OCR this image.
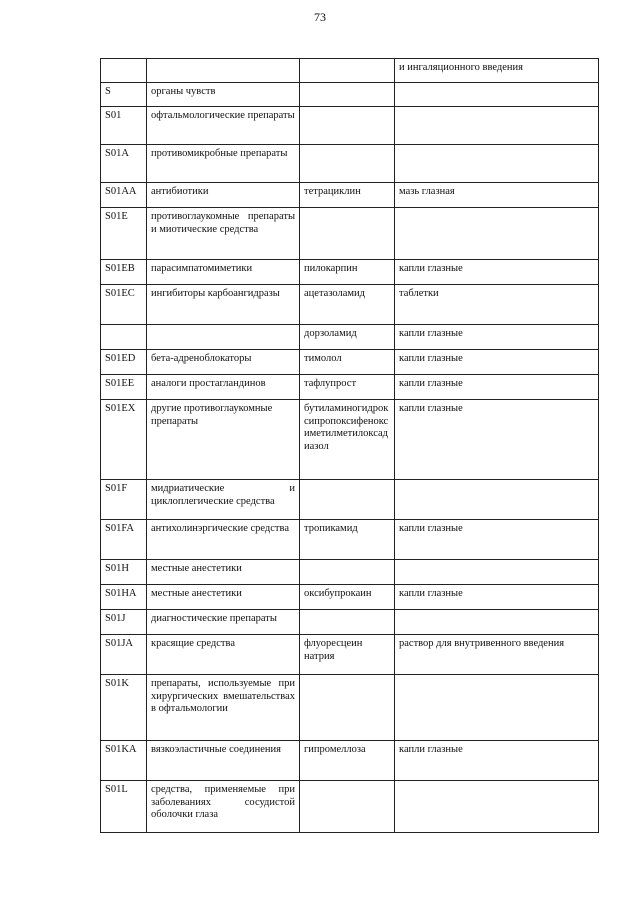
73
			и ингаляционного введения
S	органы чувств		
S01	офтальмологические препараты		
S01A	противомикробные препараты		
S01AA	антибиотики	тетрациклин	мазь глазная
S01E	противоглаукомные препараты и миотические средства		
S01EB	парасимпатомиметики	пилокарпин	капли глазные
S01EC	ингибиторы карбоангидразы	ацетазоламид	таблетки
		дорзоламид	капли глазные
S01ED	бета-адреноблокаторы	тимолол	капли глазные
S01EE	аналоги простагландинов	тафлупрост	капли глазные
S01EX	другие противоглаукомные препараты	бутиламиногидроксипропоксифеноксиметилметилоксадиазол	капли глазные
S01F	мидриатические и циклоплегические средства		
S01FA	антихолинэргические средства	тропикамид	капли глазные
S01H	местные анестетики		
S01HA	местные анестетики	оксибупрокаин	капли глазные
S01J	диагностические препараты		
S01JA	красящие средства	флуоресцеин натрия	раствор для внутривенного введения
S01K	препараты, используемые при хирургических вмешательствах в офтальмологии		
S01KA	вязкоэластичные соединения	гипромеллоза	капли глазные
S01L	средства, применяемые при заболеваниях сосудистой оболочки глаза		
